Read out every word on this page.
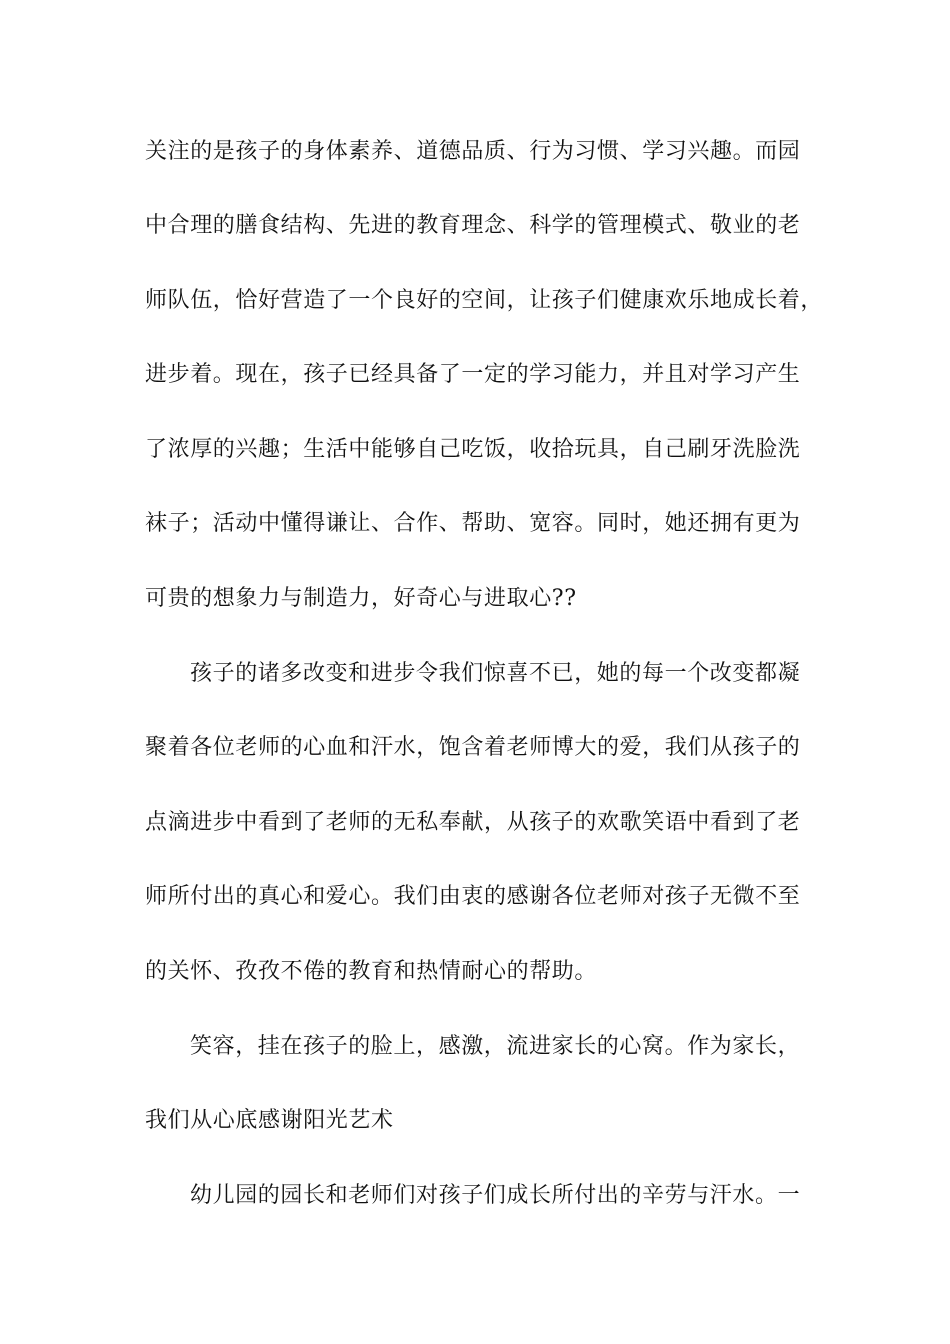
关注的是孩子的身体素养、道德品质、行为习惯、学习兴趣。而园
中合理的膳食结构、先进的教育理念、科学的管理模式、敬业的老
师队伍，恰好营造了一个良好的空间，让孩子们健康欢乐地成长着，
进步着。现在，孩子已经具备了一定的学习能力，并且对学习产生
了浓厚的兴趣；生活中能够自己吃饭，收拾玩具，自己刷牙洗脸洗
袜子；活动中懂得谦让、合作、帮助、宽容。同时，她还拥有更为
可贵的想象力与制造力，好奇心与进取心??
孩子的诸多改变和进步令我们惊喜不已，她的每一个改变都凝
聚着各位老师的心血和汗水，饱含着老师博大的爱，我们从孩子的
点滴进步中看到了老师的无私奉献，从孩子的欢歌笑语中看到了老
师所付出的真心和爱心。我们由衷的感谢各位老师对孩子无微不至
的关怀、孜孜不倦的教育和热情耐心的帮助。
笑容，挂在孩子的脸上，感激，流进家长的心窝。作为家长，
我们从心底感谢阳光艺术
幼儿园的园长和老师们对孩子们成长所付出的辛劳与汗水。一
